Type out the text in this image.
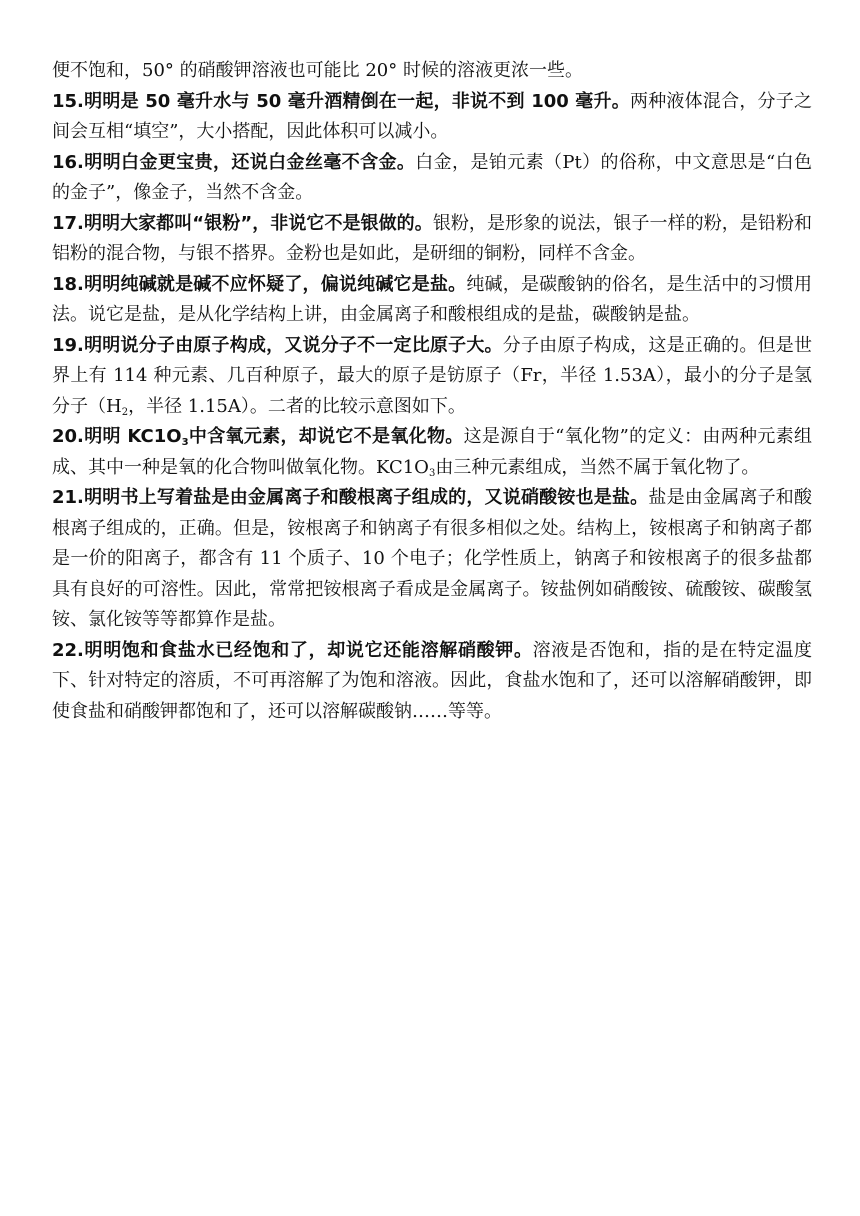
便不饱和，50° 的硝酸钾溶液也可能比 20° 时候的溶液更浓一些。

15.明明是 50 毫升水与 50 毫升酒精倒在一起，非说不到 100 毫升。两种液体混合，分子之间会互相“填空”，大小搭配，因此体积可以减小。

16.明明白金更宝贵，还说白金丝毫不含金。白金，是铂元素（Pt）的俗称，中文意思是“白色的金子”，像金子，当然不含金。

17.明明大家都叫“银粉”，非说它不是银做的。银粉，是形象的说法，银子一样的粉，是铅粉和铝粉的混合物，与银不搭界。金粉也是如此，是研细的铜粉，同样不含金。

18.明明纯碱就是碱不应怀疑了，偏说纯碱它是盐。纯碱，是碳酸钠的俗名，是生活中的习惯用法。说它是盐，是从化学结构上讲，由金属离子和酸根组成的是盐，碳酸钠是盐。

19.明明说分子由原子构成，又说分子不一定比原子大。分子由原子构成，这是正确的。但是世界上有 114 种元素、几百种原子，最大的原子是钫原子（Fr，半径 1.53A），最小的分子是氢分子（$H_2$，半径 1.15A）。二者的比较示意图如下。

20.明明 $KC1O_3$中含氧元素，却说它不是氧化物。这是源自于“氧化物”的定义：由两种元素组成、其中一种是氧的化合物叫做氧化物。$KC1O_3$由三种元素组成，当然不属于氧化物了。

21.明明书上写着盐是由金属离子和酸根离子组成的，又说硝酸铵也是盐。盐是由金属离子和酸根离子组成的，正确。但是，铵根离子和钠离子有很多相似之处。结构上，铵根离子和钠离子都是一价的阳离子，都含有 11 个质子、10 个电子；化学性质上，钠离子和铵根离子的很多盐都具有良好的可溶性。因此，常常把铵根离子看成是金属离子。铵盐例如硝酸铵、硫酸铵、碳酸氢铵、氯化铵等等都算作是盐。

22.明明饱和食盐水已经饱和了，却说它还能溶解硝酸钾。溶液是否饱和，指的是在特定温度下、针对特定的溶质，不可再溶解了为饱和溶液。因此，食盐水饱和了，还可以溶解硝酸钾，即使食盐和硝酸钾都饱和了，还可以溶解碳酸钠……等等。
